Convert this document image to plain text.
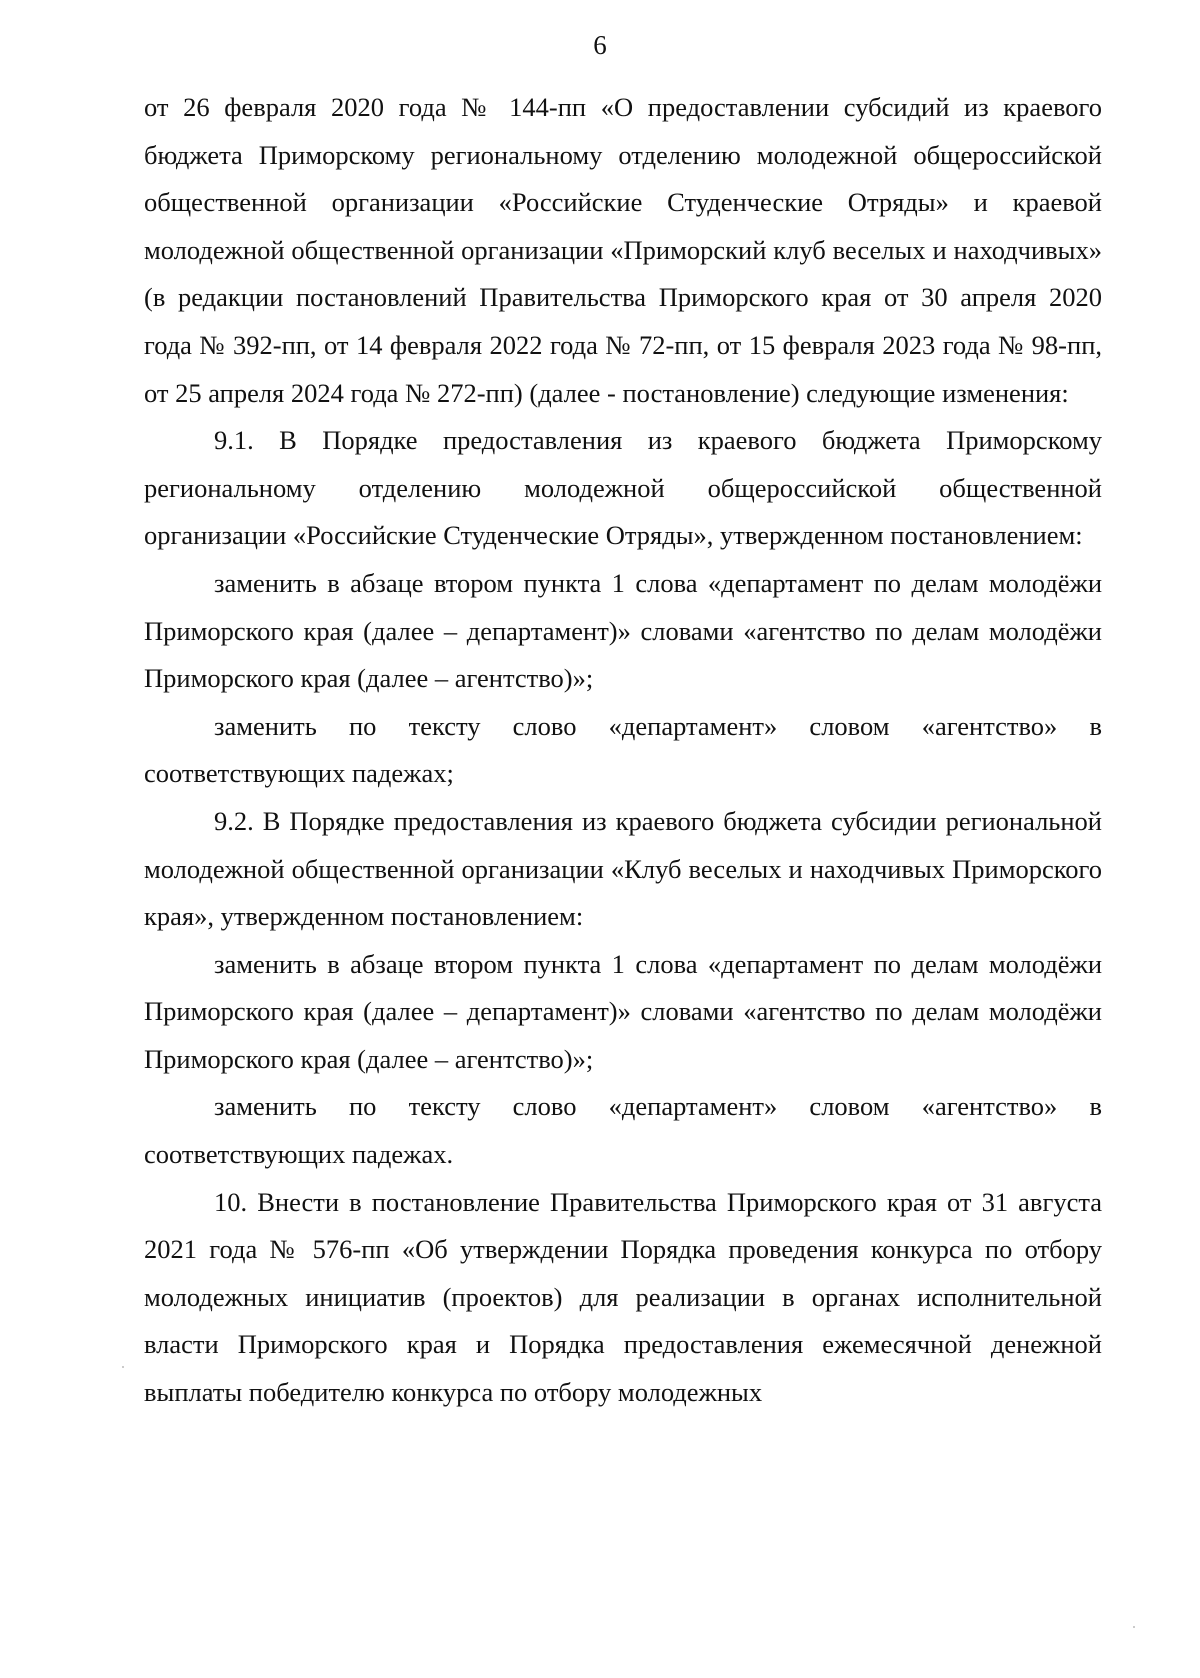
6

от 26 февраля 2020 года № 144-пп «О предоставлении субсидий из краевого бюджета Приморскому региональному отделению молодежной общероссийской общественной организации «Российские Студенческие Отряды» и краевой молодежной общественной организации «Приморский клуб веселых и находчивых» (в редакции постановлений Правительства Приморского края от 30 апреля 2020 года № 392-пп, от 14 февраля 2022 года № 72-пп, от 15 февраля 2023 года № 98-пп, от 25 апреля 2024 года № 272-пп) (далее - постановление) следующие изменения:

9.1. В Порядке предоставления из краевого бюджета Приморскому региональному отделению молодежной общероссийской общественной организации «Российские Студенческие Отряды», утвержденном постановлением:

заменить в абзаце втором пункта 1 слова «департамент по делам молодёжи Приморского края (далее – департамент)» словами «агентство по делам молодёжи Приморского края (далее – агентство)»;

заменить по тексту слово «департамент» словом «агентство» в соответствующих падежах;

9.2. В Порядке предоставления из краевого бюджета субсидии региональной молодежной общественной организации «Клуб веселых и находчивых Приморского края», утвержденном постановлением:

заменить в абзаце втором пункта 1 слова «департамент по делам молодёжи Приморского края (далее – департамент)» словами «агентство по делам молодёжи Приморского края (далее – агентство)»;

заменить по тексту слово «департамент» словом «агентство» в соответствующих падежах.

10. Внести в постановление Правительства Приморского края от 31 августа 2021 года № 576-пп «Об утверждении Порядка проведения конкурса по отбору молодежных инициатив (проектов) для реализации в органах исполнительной власти Приморского края и Порядка предоставления ежемесячной денежной выплаты победителю конкурса по отбору молодежных
